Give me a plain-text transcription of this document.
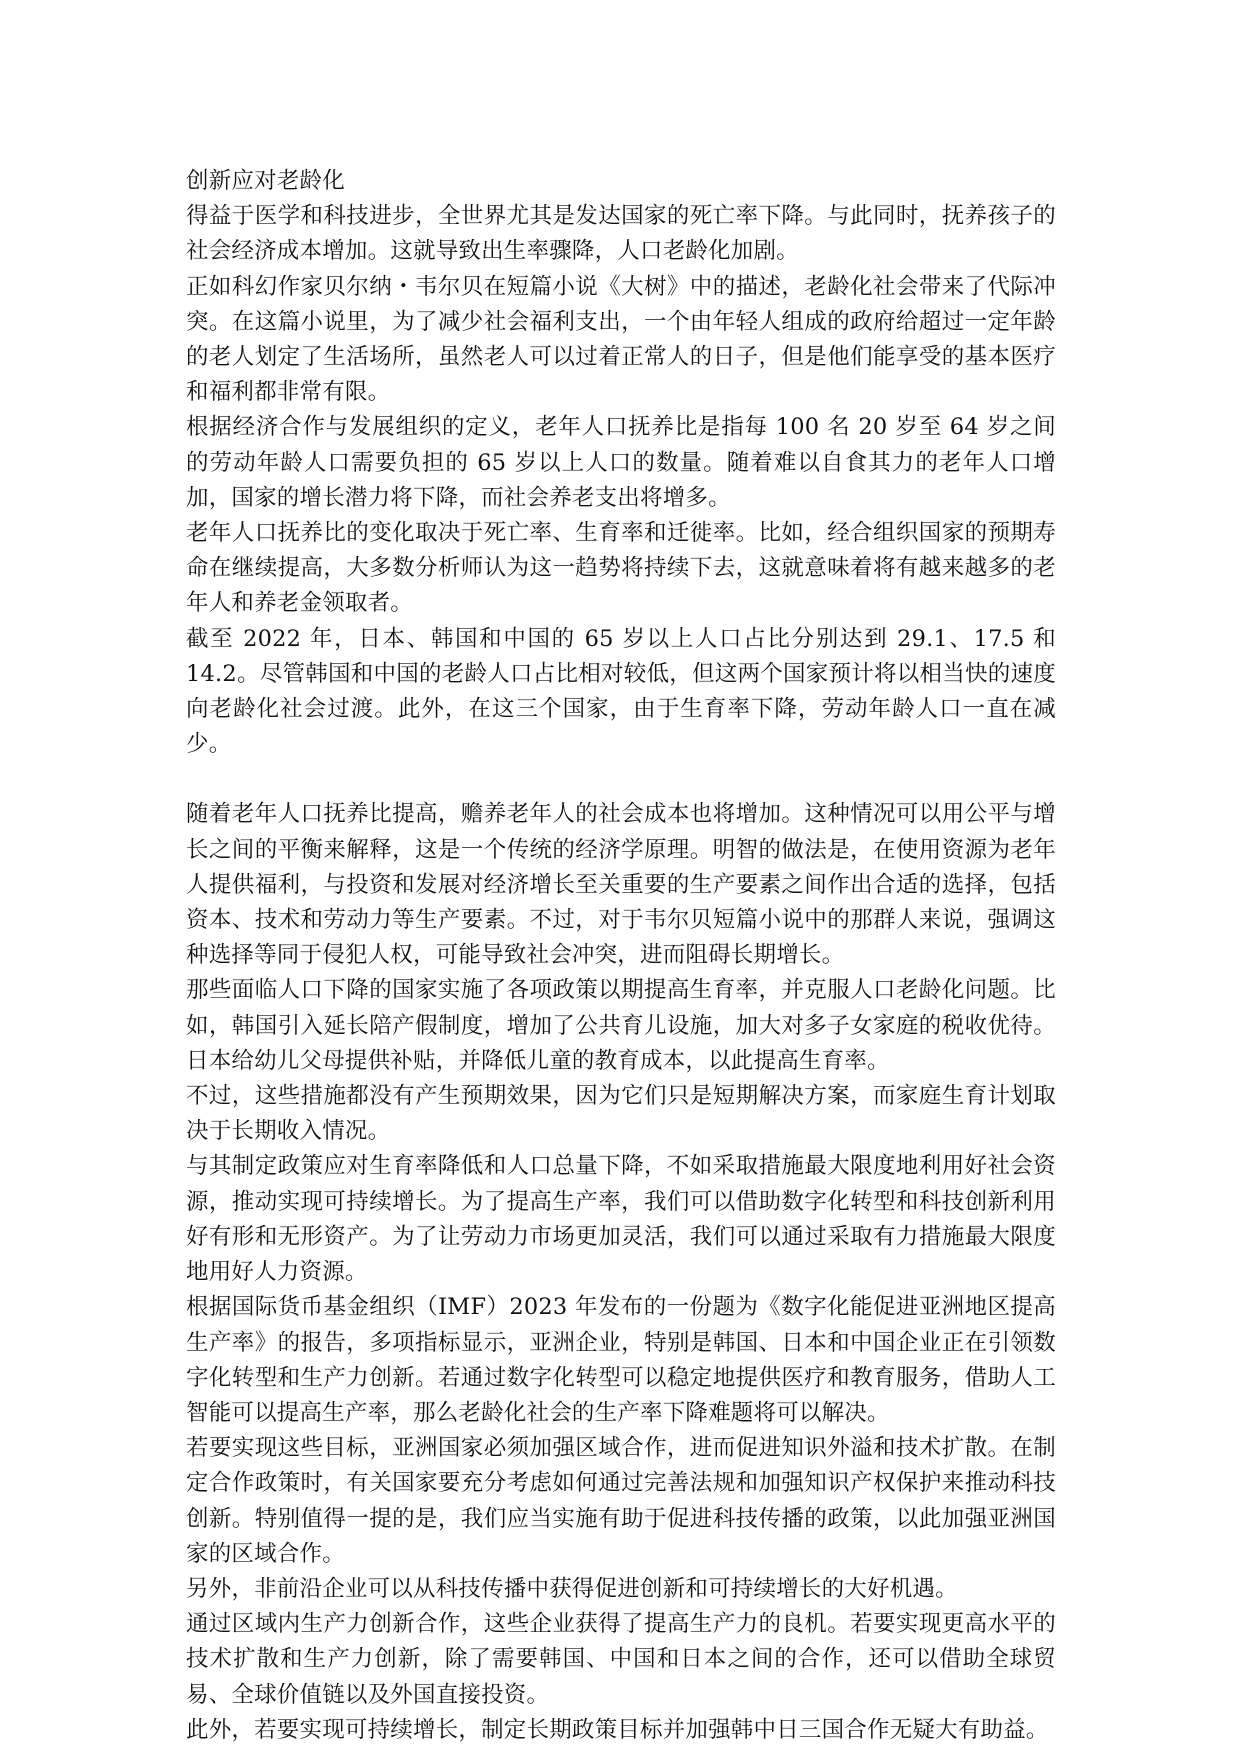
创新应对老龄化

得益于医学和科技进步，全世界尤其是发达国家的死亡率下降。与此同时，抚养孩子的社会经济成本增加。这就导致出生率骤降，人口老龄化加剧。

正如科幻作家贝尔纳・韦尔贝在短篇小说《大树》中的描述，老龄化社会带来了代际冲突。在这篇小说里，为了减少社会福利支出，一个由年轻人组成的政府给超过一定年龄的老人划定了生活场所，虽然老人可以过着正常人的日子，但是他们能享受的基本医疗和福利都非常有限。

根据经济合作与发展组织的定义，老年人口抚养比是指每 100 名 20 岁至 64 岁之间的劳动年龄人口需要负担的 65 岁以上人口的数量。随着难以自食其力的老年人口增加，国家的增长潜力将下降，而社会养老支出将增多。

老年人口抚养比的变化取决于死亡率、生育率和迁徙率。比如，经合组织国家的预期寿命在继续提高，大多数分析师认为这一趋势将持续下去，这就意味着将有越来越多的老年人和养老金领取者。

截至 2022 年，日本、韩国和中国的 65 岁以上人口占比分别达到 29.1、17.5 和 14.2。尽管韩国和中国的老龄人口占比相对较低，但这两个国家预计将以相当快的速度向老龄化社会过渡。此外，在这三个国家，由于生育率下降，劳动年龄人口一直在减少。

随着老年人口抚养比提高，赡养老年人的社会成本也将增加。这种情况可以用公平与增长之间的平衡来解释，这是一个传统的经济学原理。明智的做法是，在使用资源为老年人提供福利，与投资和发展对经济增长至关重要的生产要素之间作出合适的选择，包括资本、技术和劳动力等生产要素。不过，对于韦尔贝短篇小说中的那群人来说，强调这种选择等同于侵犯人权，可能导致社会冲突，进而阻碍长期增长。

那些面临人口下降的国家实施了各项政策以期提高生育率，并克服人口老龄化问题。比如，韩国引入延长陪产假制度，增加了公共育儿设施，加大对多子女家庭的税收优待。日本给幼儿父母提供补贴，并降低儿童的教育成本，以此提高生育率。

不过，这些措施都没有产生预期效果，因为它们只是短期解决方案，而家庭生育计划取决于长期收入情况。

与其制定政策应对生育率降低和人口总量下降，不如采取措施最大限度地利用好社会资源，推动实现可持续增长。为了提高生产率，我们可以借助数字化转型和科技创新利用好有形和无形资产。为了让劳动力市场更加灵活，我们可以通过采取有力措施最大限度地用好人力资源。

根据国际货币基金组织（IMF）2023 年发布的一份题为《数字化能促进亚洲地区提高生产率》的报告，多项指标显示，亚洲企业，特别是韩国、日本和中国企业正在引领数字化转型和生产力创新。若通过数字化转型可以稳定地提供医疗和教育服务，借助人工智能可以提高生产率，那么老龄化社会的生产率下降难题将可以解决。

若要实现这些目标，亚洲国家必须加强区域合作，进而促进知识外溢和技术扩散。在制定合作政策时，有关国家要充分考虑如何通过完善法规和加强知识产权保护来推动科技创新。特别值得一提的是，我们应当实施有助于促进科技传播的政策，以此加强亚洲国家的区域合作。

另外，非前沿企业可以从科技传播中获得促进创新和可持续增长的大好机遇。

通过区域内生产力创新合作，这些企业获得了提高生产力的良机。若要实现更高水平的技术扩散和生产力创新，除了需要韩国、中国和日本之间的合作，还可以借助全球贸易、全球价值链以及外国直接投资。

此外，若要实现可持续增长，制定长期政策目标并加强韩中日三国合作无疑大有助益。
